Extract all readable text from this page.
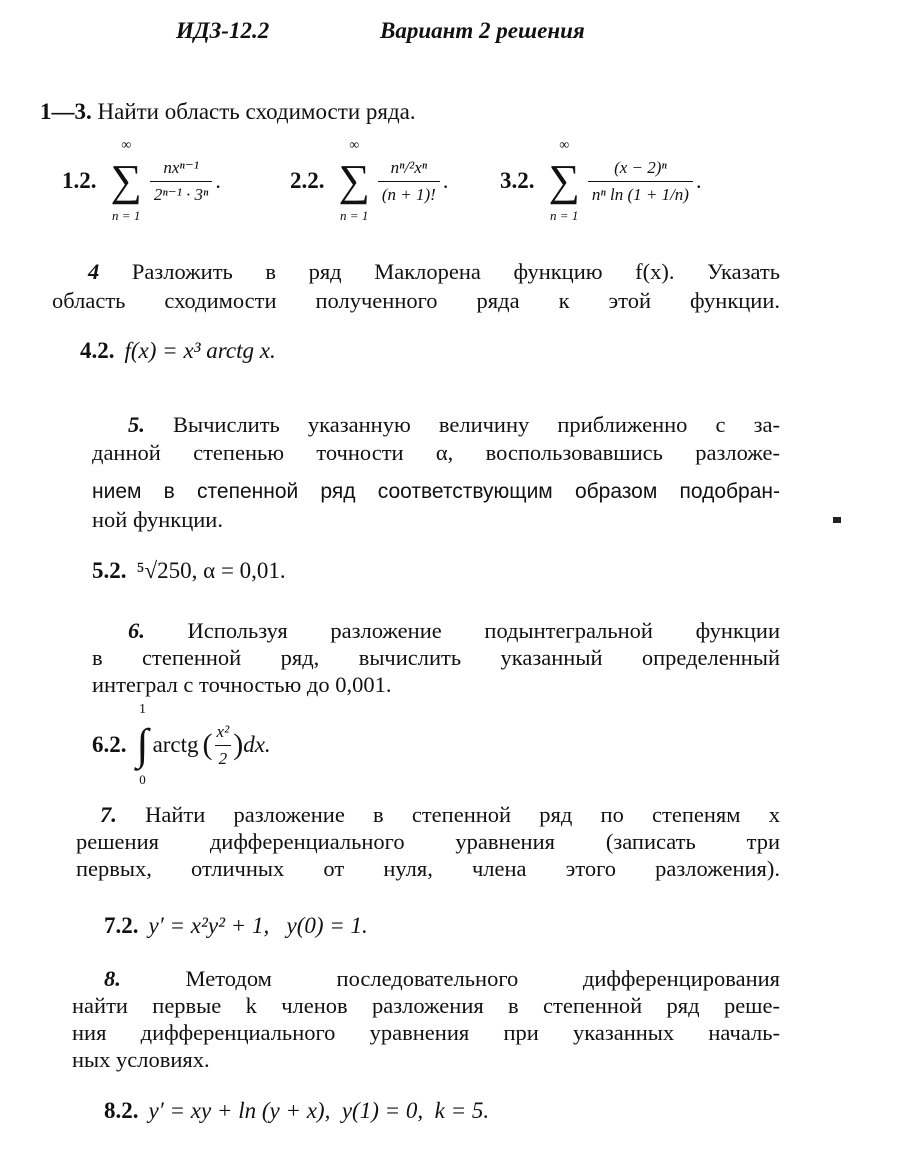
ИДЗ-12.2	Вариант 2 решения
1—3. Найти область сходимости ряда.
1.2.
∞
∑
n = 1
$\frac{\text{nxⁿ⁻¹}}{\text{2ⁿ⁻¹ · 3ⁿ}}$ .	2.2.
∞
∑
n = 1
$\frac{\text{nⁿ/²xⁿ}}{(n + 1)!}$ . 3.2.
∞
∑
n = 1
$\frac{\text{(x − 2)ⁿ}}{\text{nⁿ ln (1 + 1/n)}}$ .
4 Разложить в ряд Маклорена функцию f(x). Указать
область сходимости полученного ряда к этой функции.
4.2. f(x) = x³ arctg x.
5. Вычислить указанную величину приближенно с за-
данной степенью точности α, воспользовавшись разложе-
нием в степенной ряд соответствующим образом подобран-
ной функции.
5.2. ⁵√250, α = 0,01.
6. Используя разложение подынтегральной функции
в степенной ряд, вычислить указанный определенный
интеграл с точностью до 0,001.
6.2.
1
∫
0
arctg ( $\frac{\text{x²}}{2}$ ) dx.
7. Найти разложение в степенной ряд по степеням x
решения дифференциального уравнения (записать три
первых, отличных от нуля, члена этого разложения).
7.2. y′ = x²y² + 1,   y(0) = 1.
8.	Методом последовательного дифференцирования
найти первые k членов разложения в степенной ряд реше-
ния дифференциального уравнения при указанных началь-
ных условиях.
8.2. y′ = xy + ln (y + x),  y(1) = 0,  k = 5.
